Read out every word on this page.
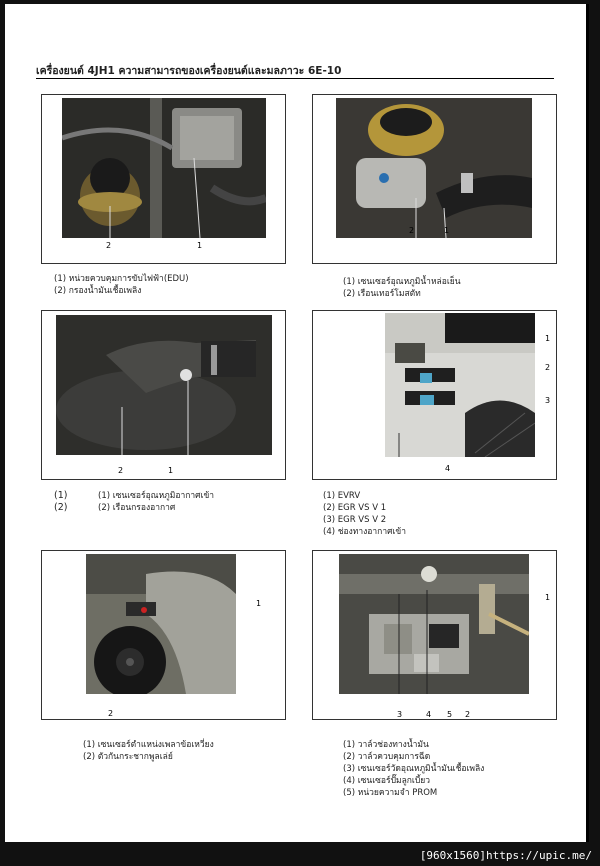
เครื่องยนต์ 4JH1 ความสามารถของเครื่องยนต์และมลภาวะ 6E-10
2	1
(1) หน่วยควบคุมการขับไฟฟ้า(EDU)
(2) กรองน้ำมันเชื้อเพลิง
2	1
(1) เซนเซอร์อุณหภูมิน้ำหล่อเย็น
(2) เรือนเทอร์โมสตัท
2	1
(1)
(2)
(1) เซนเซอร์อุณหภูมิอากาศเข้า
(2) เรือนกรองอากาศ
1
2
3
4
(1) EVRV
(2) EGR VS V 1
(3) EGR VS V 2
(4) ช่องทางอากาศเข้า
1
2
(1) เซนเซอร์ตำแหน่งเพลาข้อเหวี่ยง
(2) ตัวกันกระชากพูลเล่ย์
1
3	4 5 2
(1) วาล์วช่องทางน้ำมัน
(2) วาล์วควบคุมการฉีด
(3) เซนเซอร์วัดอุณหภูมิน้ำมันเชื้อเพลิง
(4) เซนเซอร์ปั๊มลูกเบี้ยว
(5) หน่วยความจำ PROM
[960x1560]https://upic.me/
